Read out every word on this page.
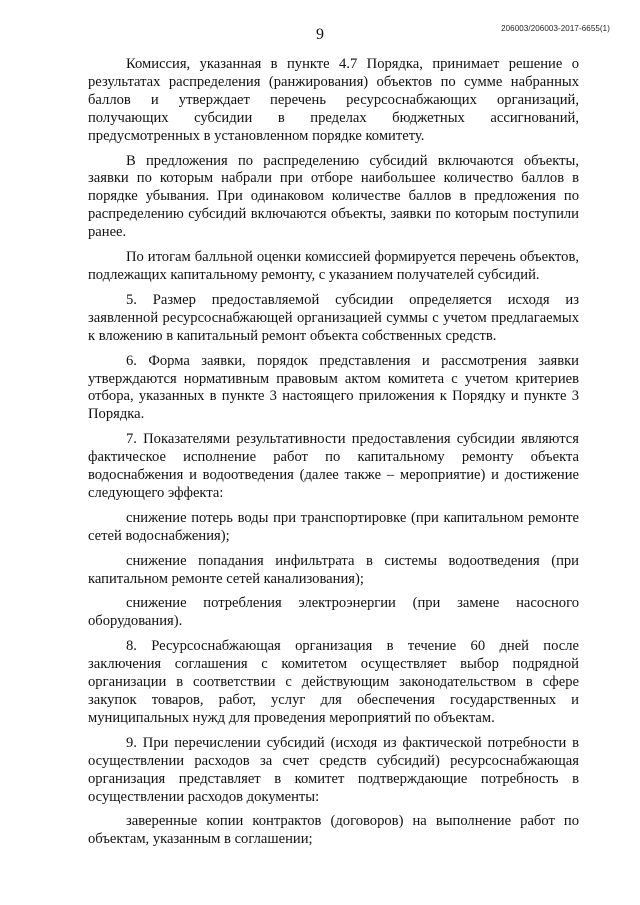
206003/206003-2017-6655(1)
9

Комиссия, указанная в пункте 4.7 Порядка, принимает решение о результатах распределения (ранжирования) объектов по сумме набранных баллов и утверждает перечень ресурсоснабжающих организаций, получающих субсидии в пределах бюджетных ассигнований, предусмотренных в установленном порядке комитету.

В предложения по распределению субсидий включаются объекты, заявки по которым набрали при отборе наибольшее количество баллов в порядке убывания. При одинаковом количестве баллов в предложения по распределению субсидий включаются объекты, заявки по которым поступили ранее.

По итогам балльной оценки комиссией формируется перечень объектов, подлежащих капитальному ремонту, с указанием получателей субсидий.

5. Размер предоставляемой субсидии определяется исходя из заявленной ресурсоснабжающей организацией суммы с учетом предлагаемых к вложению в капитальный ремонт объекта собственных средств.

6. Форма заявки, порядок представления и рассмотрения заявки утверждаются нормативным правовым актом комитета с учетом критериев отбора, указанных в пункте 3 настоящего приложения к Порядку и пункте 3 Порядка.

7. Показателями результативности предоставления субсидии являются фактическое исполнение работ по капитальному ремонту объекта водоснабжения и водоотведения (далее также – мероприятие) и достижение следующего эффекта:

снижение потерь воды при транспортировке (при капитальном ремонте сетей водоснабжения);

снижение попадания инфильтрата в системы водоотведения (при капитальном ремонте сетей канализования);

снижение потребления электроэнергии (при замене насосного оборудования).

8. Ресурсоснабжающая организация в течение 60 дней после заключения соглашения с комитетом осуществляет выбор подрядной организации в соответствии с действующим законодательством в сфере закупок товаров, работ, услуг для обеспечения государственных и муниципальных нужд для проведения мероприятий по объектам.

9. При перечислении субсидий (исходя из фактической потребности в осуществлении расходов за счет средств субсидий) ресурсоснабжающая организация представляет в комитет подтверждающие потребность в осуществлении расходов документы:

заверенные копии контрактов (договоров) на выполнение работ по объектам, указанным в соглашении;
